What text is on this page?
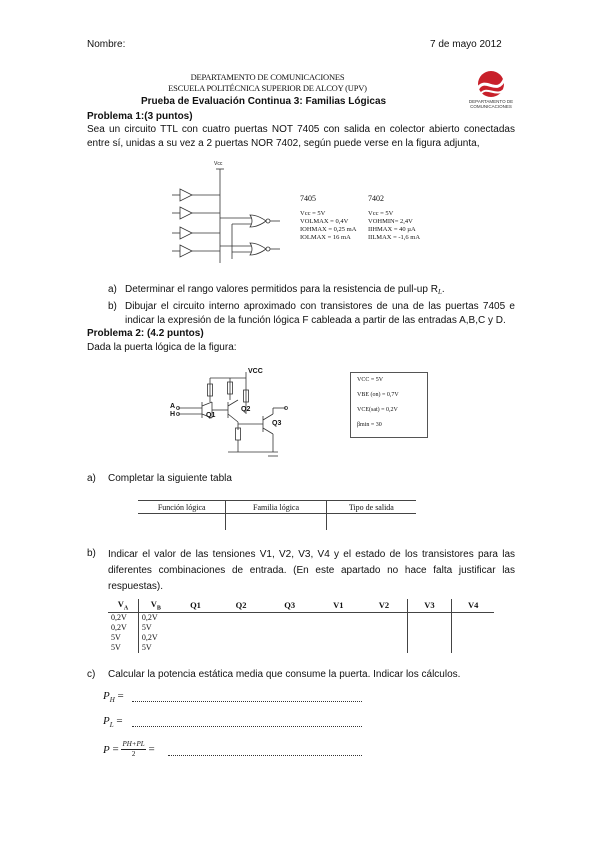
Nombre:	7 de mayo 2012
DEPARTAMENTO DE COMUNICACIONES
ESCUELA POLITÉCNICA SUPERIOR DE ALCOY (UPV)
Prueba de Evaluación Continua 3: Familias Lógicas	DEPARTAMENTO DE COMUNICACIONES
Problema 1:(3 puntos)
Sea un circuito TTL con cuatro puertas NOT 7405 con salida en colector abierto conectadas entre sí, unidas a su vez a 2 puertas NOR 7402, según puede verse en la figura adjunta,
Vcc
7405	7402
Vcc = 5V
VOLMAX = 0,4V
IOHMAX = 0,25 mA
IOLMAX = 16 mA
Vcc = 5V
VOHMIN= 2,4V
IIHMAX = 40 µA
IILMAX = -1,6 mA
a) Determinar el rango valores permitidos para la resistencia de pull-up $R_L$.
b) Dibujar el circuito interno aproximado con transistores de una de las puertas 7405 e indicar la expresión de la función lógica F cableada a partir de las entradas A,B,C y D.
Problema 2: (4.2 puntos)
Dada la puerta lógica de la figura:
VCC
Q1
Q2
Q3
A
H
VCC = 5V
VBE (on) = 0,7V
VCE(sat) = 0,2V
βmin = 30
a) Completar la siguiente tabla
Función lógica	Familia lógica	Tipo de salida

b) Indicar el valor de las tensiones V1, V2, V3, V4 y el estado de los transistores para las diferentes combinaciones de entrada. (En este apartado no hace falta justificar las respuestas).
$V_A$	$V_B$	Q1	Q2	Q3	V1	V2	V3	V4
0,2V	0,2V							
0,2V	5V							
5V	0,2V							
5V	5V							
c) Calcular la potencia estática media que consume la puerta. Indicar los cálculos.
$P_H$ =
$P_L$ =
$P = \frac{PH+PL}{2}$ =
